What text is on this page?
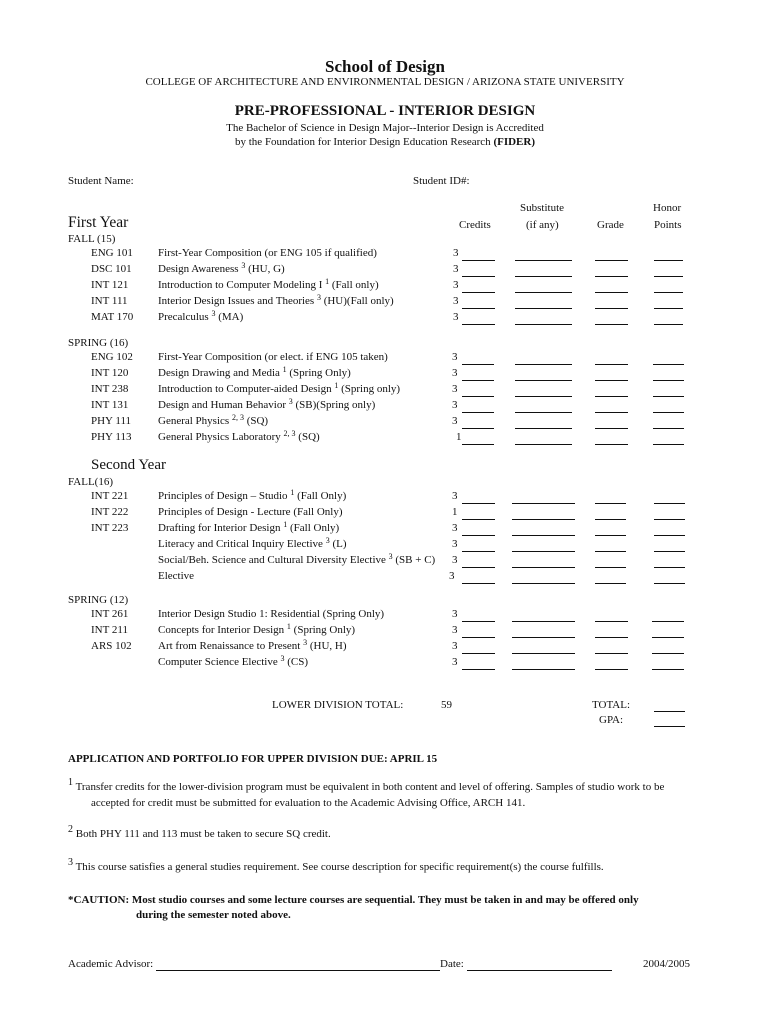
School of Design
COLLEGE OF ARCHITECTURE AND ENVIRONMENTAL DESIGN / ARIZONA STATE UNIVERSITY
PRE-PROFESSIONAL - INTERIOR DESIGN
The Bachelor of Science in Design Major--Interior Design is Accredited
by the Foundation for Interior Design Education Research (FIDER)
Student Name:	Student ID#:
Substitute	Honor
Credits	(if any)	Grade	Points
First Year
FALL (15)
ENG 101 First-Year Composition (or ENG 105 if qualified)	3
DSC 101 Design Awareness $^3$ (HU, G)	3
INT 121	Introduction to Computer Modeling I $^1$ (Fall only)	3
INT 111	Interior Design Issues and Theories $^3$ (HU)(Fall only)	3
MAT 170 Precalculus $^3$ (MA)	3
SPRING (16)
ENG 102 First-Year Composition (or elect. if ENG 105 taken)	3
INT 120	Design Drawing and Media $^1$ (Spring Only)	3
INT 238	Introduction to Computer-aided Design $^1$ (Spring only)	3
INT 131	Design and Human Behavior $^3$ (SB)(Spring only)	3
PHY 111 General Physics $^{2, 3}$ (SQ)	3
PHY 113 General Physics Laboratory $^{2, 3}$ (SQ)	1
Second Year
FALL(16)
INT 221	Principles of Design – Studio $^1$ (Fall Only)	3
INT 222	Principles of Design - Lecture (Fall Only)	1
INT 223	Drafting for Interior Design $^1$ (Fall Only)	3
Literacy and Critical Inquiry Elective $^3$ (L)	3
Social/Beh. Science and Cultural Diversity Elective $^3$ (SB + C) 3
Elective	3
SPRING (12)
INT 261	Interior Design Studio 1: Residential (Spring Only)	3
INT 211	Concepts for Interior Design $^1$ (Spring Only)	3
ARS 102 Art from Renaissance to Present $^3$ (HU, H)	3
Computer Science Elective $^3$ (CS)	3
LOWER DIVISION TOTAL:	59	TOTAL:
GPA:
APPLICATION AND PORTFOLIO FOR UPPER DIVISION DUE: APRIL 15
$^1$ Transfer credits for the lower-division program must be equivalent in both content and level of offering. Samples of studio work to be
accepted for credit must be submitted for evaluation to the Academic Advising Office, ARCH 141.
$^2$ Both PHY 111 and 113 must be taken to secure SQ credit.
$^3$ This course satisfies a general studies requirement. See course description for specific requirement(s) the course fulfills.
*CAUTION: Most studio courses and some lecture courses are sequential. They must be taken in and may be offered only
during the semester noted above.
Academic Advisor:	Date:	2004/2005
